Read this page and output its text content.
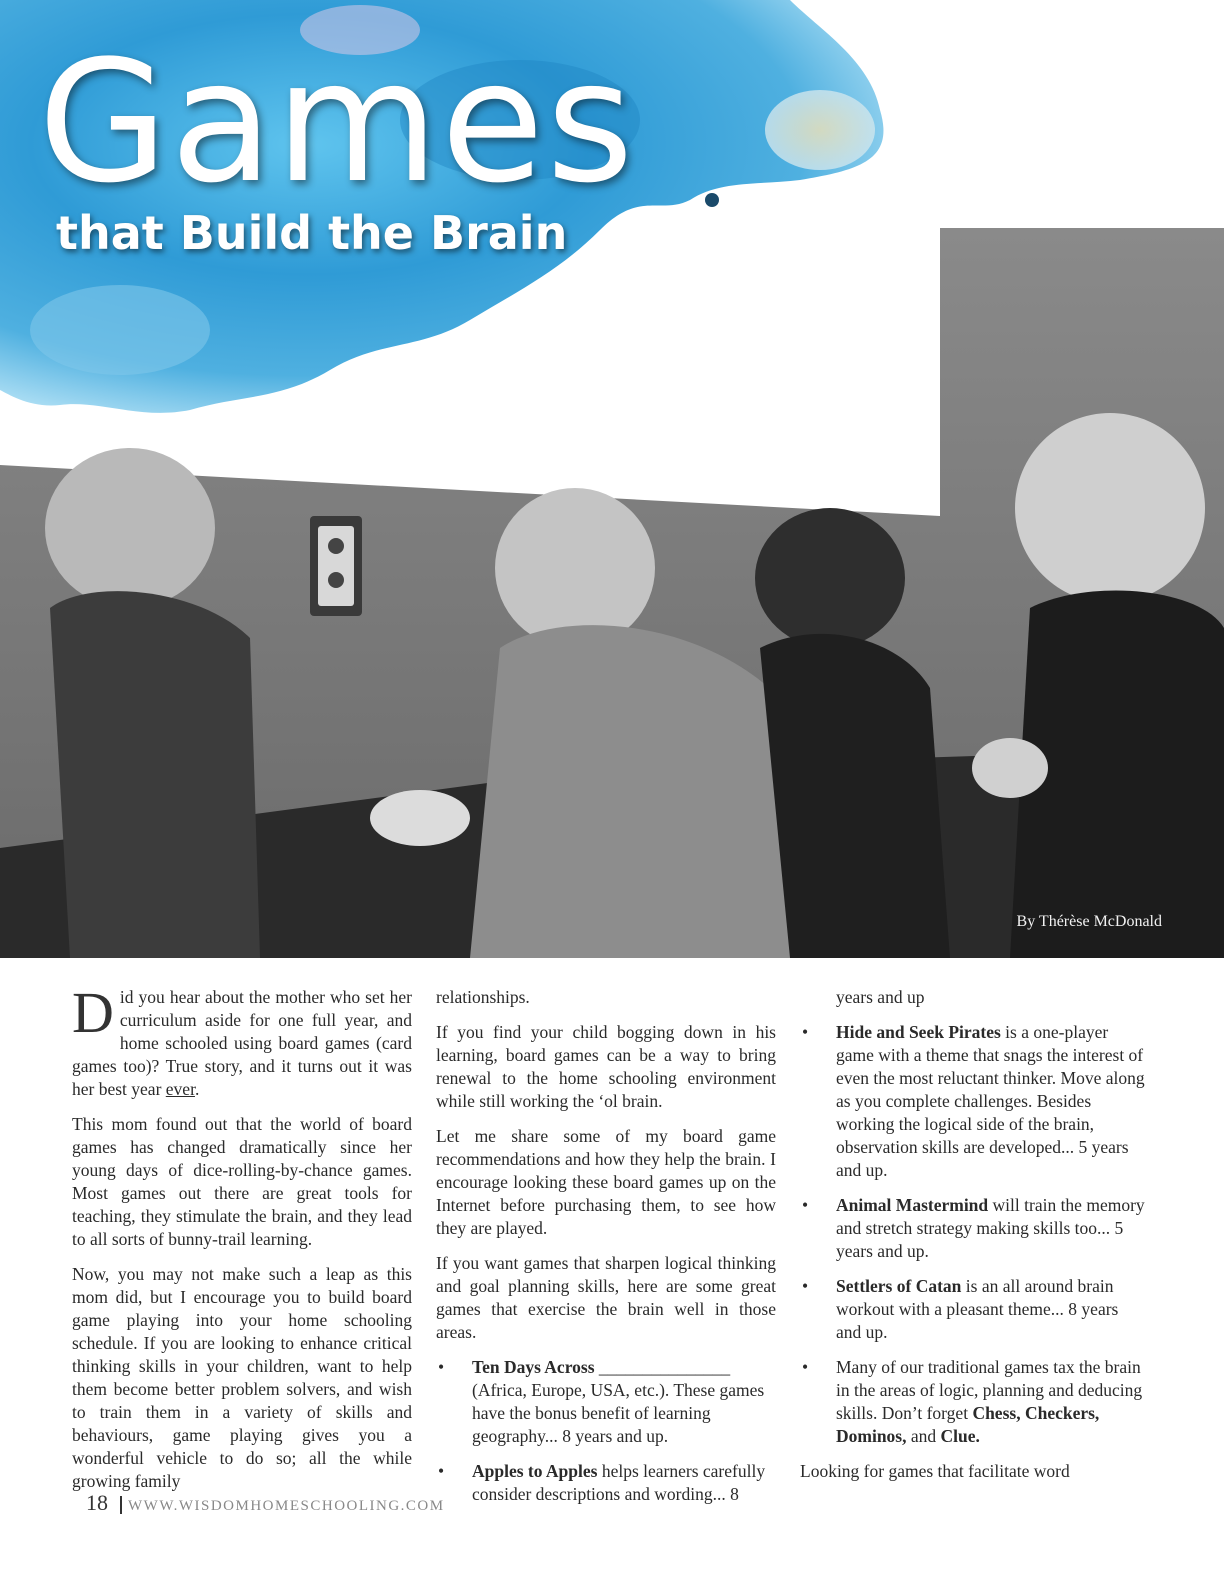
Games
that Build the Brain
By Thérèse McDonald

Did you hear about the mother who set her curriculum aside for one full year, and home schooled using board games (card games too)? True story, and it turns out it was her best year ever.

This mom found out that the world of board games has changed dramatically since her young days of dice-rolling-by-chance games. Most games out there are great tools for teaching, they stimulate the brain, and they lead to all sorts of bunny-trail learning.

Now, you may not make such a leap as this mom did, but I encourage you to build board game playing into your home schooling schedule. If you are looking to enhance critical thinking skills in your children, want to help them become better problem solvers, and wish to train them in a variety of skills and behaviours, game playing gives you a wonderful vehicle to do so; all the while growing family

relationships.

If you find your child bogging down in his learning, board games can be a way to bring renewal to the home schooling environment while still working the ‘ol brain.

Let me share some of my board game recommendations and how they help the brain. I encourage looking these board games up on the Internet before purchasing them, to see how they are played.

If you want games that sharpen logical thinking and goal planning skills, here are some great games that exercise the brain well in those areas.

• Ten Days Across _______________ (Africa, Europe, USA, etc.). These games have the bonus benefit of learning geography... 8 years and up.
• Apples to Apples helps learners carefully consider descriptions and wording... 8

years and up

• Hide and Seek Pirates is a one-player game with a theme that snags the interest of even the most reluctant thinker. Move along as you complete challenges. Besides working the logical side of the brain, observation skills are developed... 5 years and up.
• Animal Mastermind will train the memory and stretch strategy making skills too... 5 years and up.
• Settlers of Catan is an all around brain workout with a pleasant theme... 8 years and up.
• Many of our traditional games tax the brain in the areas of logic, planning and deducing skills. Don’t forget Chess, Checkers, Dominos, and Clue.

Looking for games that facilitate word

18 WWW.WISDOMHOMESCHOOLING.COM
